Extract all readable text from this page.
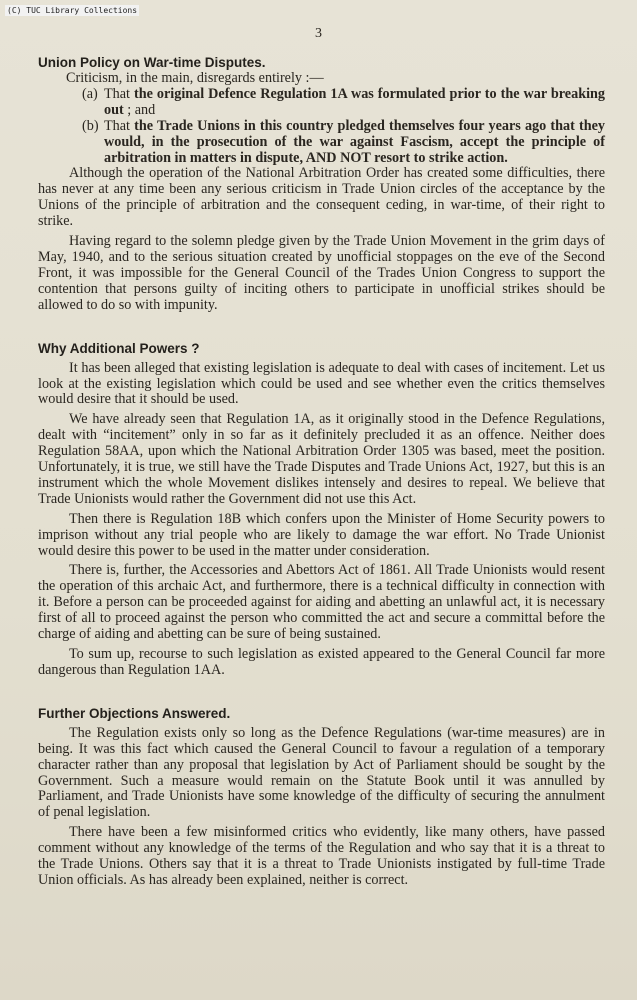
(C) TUC Library Collections
3
Union Policy on War-time Disputes.

Criticism, in the main, disregards entirely :—

(a) That the original Defence Regulation 1A was formulated prior to the war breaking out ; and

(b) That the Trade Unions in this country pledged themselves four years ago that they would, in the prosecution of the war against Fascism, accept the principle of arbitration in matters in dispute, AND NOT resort to strike action.

Although the operation of the National Arbitration Order has created some difficulties, there has never at any time been any serious criticism in Trade Union circles of the acceptance by the Unions of the principle of arbitration and the consequent ceding, in war-time, of their right to strike.

Having regard to the solemn pledge given by the Trade Union Movement in the grim days of May, 1940, and to the serious situation created by unofficial stoppages on the eve of the Second Front, it was impossible for the General Council of the Trades Union Congress to support the contention that persons guilty of inciting others to participate in unofficial strikes should be allowed to do so with impunity.

Why Additional Powers ?

It has been alleged that existing legislation is adequate to deal with cases of incitement. Let us look at the existing legislation which could be used and see whether even the critics themselves would desire that it should be used.

We have already seen that Regulation 1A, as it originally stood in the Defence Regulations, dealt with “incitement” only in so far as it definitely precluded it as an offence. Neither does Regulation 58AA, upon which the National Arbitration Order 1305 was based, meet the position. Unfortunately, it is true, we still have the Trade Disputes and Trade Unions Act, 1927, but this is an instrument which the whole Movement dislikes intensely and desires to repeal. We believe that Trade Unionists would rather the Government did not use this Act.

Then there is Regulation 18B which confers upon the Minister of Home Security powers to imprison without any trial people who are likely to damage the war effort. No Trade Unionist would desire this power to be used in the matter under consideration.

There is, further, the Accessories and Abettors Act of 1861. All Trade Unionists would resent the operation of this archaic Act, and furthermore, there is a technical difficulty in connection with it. Before a person can be proceeded against for aiding and abetting an unlawful act, it is necessary first of all to proceed against the person who committed the act and secure a committal before the charge of aiding and abetting can be sure of being sustained.

To sum up, recourse to such legislation as existed appeared to the General Council far more dangerous than Regulation 1AA.

Further Objections Answered.

The Regulation exists only so long as the Defence Regulations (war-time measures) are in being. It was this fact which caused the General Council to favour a regulation of a temporary character rather than any proposal that legislation by Act of Parliament should be sought by the Government. Such a measure would remain on the Statute Book until it was annulled by Parliament, and Trade Unionists have some knowledge of the difficulty of securing the annulment of penal legislation.

There have been a few misinformed critics who evidently, like many others, have passed comment without any knowledge of the terms of the Regulation and who say that it is a threat to the Trade Unions. Others say that it is a threat to Trade Unionists instigated by full-time Trade Union officials. As has already been explained, neither is correct.
